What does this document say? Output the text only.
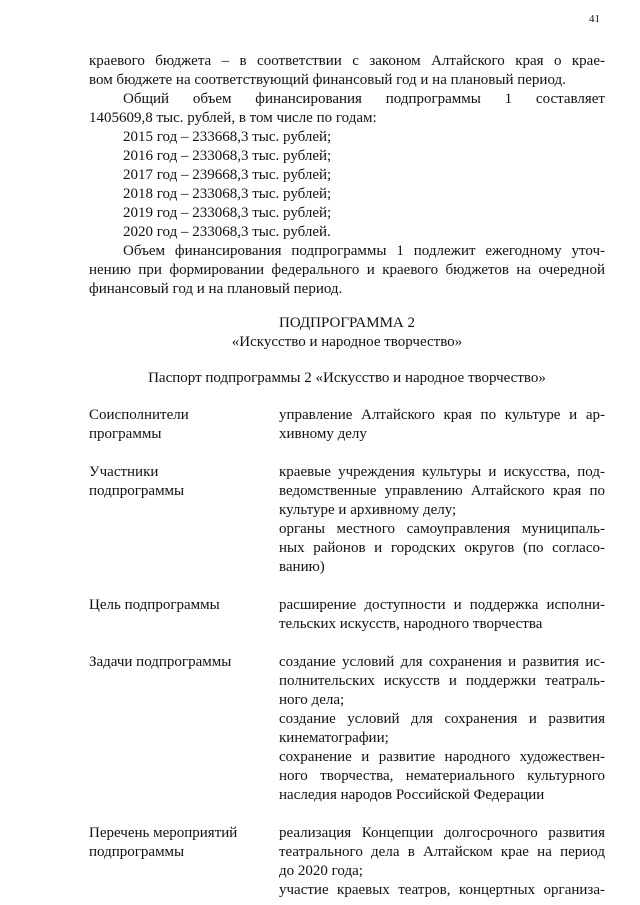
41

краевого бюджета – в соответствии с законом Алтайского края о крае-

вом бюджете на соответствующий финансовый год и на плановый период.

Общий объем финансирования подпрограммы 1 составляет

1405609,8 тыс. рублей, в том числе по годам:

2015 год – 233668,3 тыс. рублей;
2016 год – 233068,3 тыс. рублей;
2017 год – 239668,3 тыс. рублей;
2018 год – 233068,3 тыс. рублей;
2019 год – 233068,3 тыс. рублей;
2020 год – 233068,3 тыс. рублей.

Объем финансирования подпрограммы 1 подлежит ежегодному уточ-

нению при формировании федерального и краевого бюджетов на очередной

финансовый год и на плановый период.

ПОДПРОГРАММА 2
«Искусство и народное творчество»
Паспорт подпрограммы 2 «Искусство и народное творчество»
Соисполнители
программы

управление Алтайского края по культуре и ар-

хивному делу

Участники
подпрограммы

краевые учреждения культуры и искусства, под-

ведомственные управлению Алтайского края по

культуре и архивному делу;

органы местного самоуправления муниципаль-

ных районов и городских округов (по согласо-

ванию)

Цель подпрограммы	расширение доступности и поддержка исполни-

тельских искусств, народного творчества

Задачи подпрограммы	создание условий для сохранения и развития ис-

полнительских искусств и поддержки театраль-

ного дела;

создание условий для сохранения и развития

кинематографии;

сохранение и развитие народного художествен-

ного творчества, нематериального культурного

наследия народов Российской Федерации

Перечень мероприятий
подпрограммы

реализация Концепции долгосрочного развития

театрального дела в Алтайском крае на период

до 2020 года;

участие краевых театров, концертных организа-
